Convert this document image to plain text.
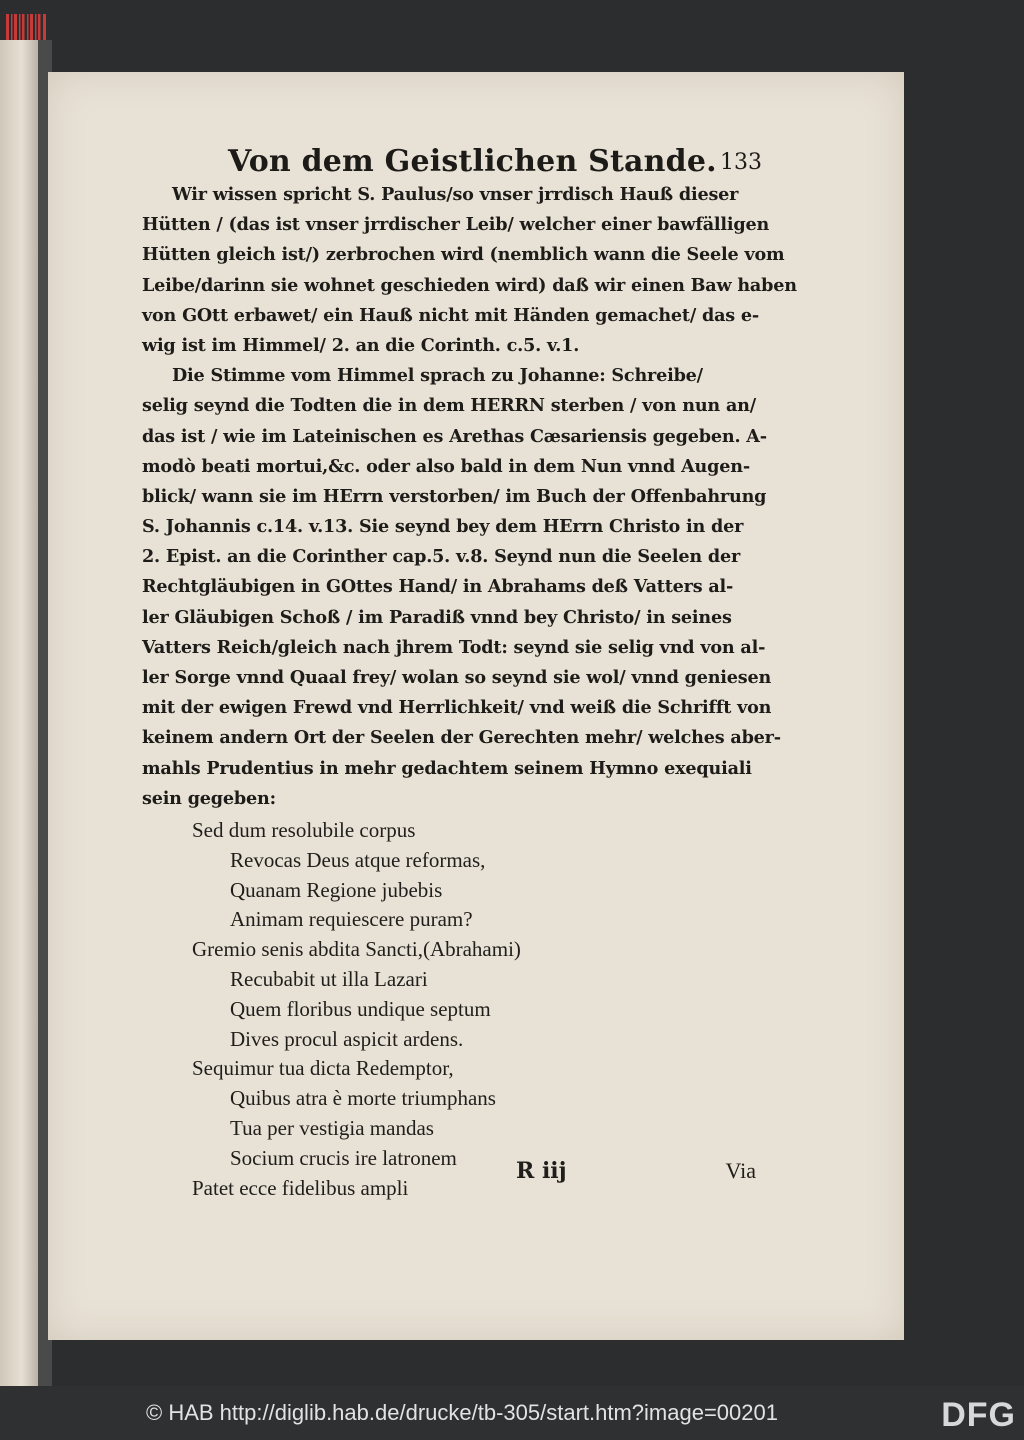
Von dem Geistlichen Stande. 133
Wir wissen spricht S. Paulus/so vnser jrrdisch Hauß dieser
Hütten / (das ist vnser jrrdischer Leib/ welcher einer bawfälligen
Hütten gleich ist/) zerbrochen wird (nemblich wann die Seele vom
Leibe/darinn sie wohnet geschieden wird) daß wir einen Baw haben
von GOtt erbawet/ ein Hauß nicht mit Händen gemachet/ das e-
wig ist im Himmel/ 2. an die Corinth. c.5. v.1.
Die Stimme vom Himmel sprach zu Johanne: Schreibe/
selig seynd die Todten die in dem HERRN sterben / von nun an/
das ist / wie im Lateinischen es Arethas Cæsariensis gegeben. A-
modò beati mortui,&c. oder also bald in dem Nun vnnd Augen-
blick/ wann sie im HErrn verstorben/ im Buch der Offenbahrung
S. Johannis c.14. v.13. Sie seynd bey dem HErrn Christo in der
2. Epist. an die Corinther cap.5. v.8. Seynd nun die Seelen der
Rechtgläubigen in GOttes Hand/ in Abrahams deß Vatters al-
ler Gläubigen Schoß / im Paradiß vnnd bey Christo/ in seines
Vatters Reich/gleich nach jhrem Todt: seynd sie selig vnd von al-
ler Sorge vnnd Quaal frey/ wolan so seynd sie wol/ vnnd geniesen
mit der ewigen Frewd vnd Herrlichkeit/ vnd weiß die Schrifft von
keinem andern Ort der Seelen der Gerechten mehr/ welches aber-
mahls Prudentius in mehr gedachtem seinem Hymno exequiali
sein gegeben:
Sed dum resolubile corpus
Revocas Deus atque reformas,
Quanam Regione jubebis
Animam requiescere puram?
Gremio senis abdita Sancti,(Abrahami)
Recubabit ut illa Lazari
Quem floribus undique septum
Dives procul aspicit ardens.
Sequimur tua dicta Redemptor,
Quibus atra è morte triumphans
Tua per vestigia mandas
Socium crucis ire latronem
Patet ecce fidelibus ampli
R iij	Via
© HAB http://diglib.hab.de/drucke/tb-305/start.htm?image=00201	DFG
